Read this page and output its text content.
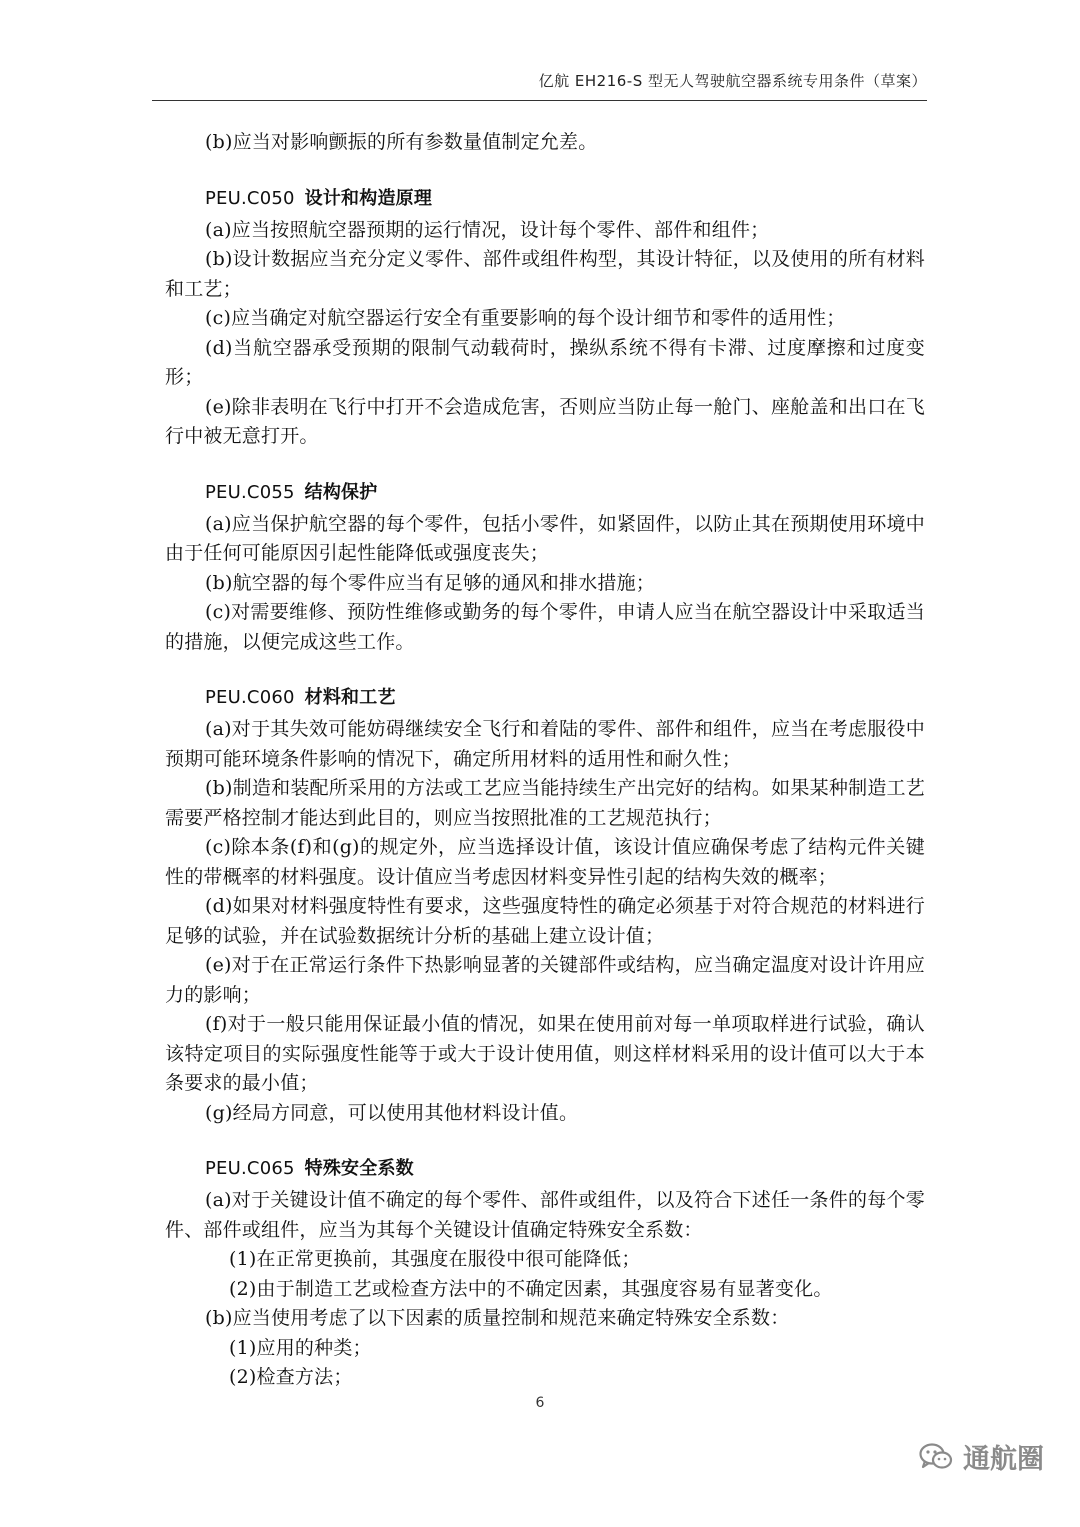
亿航 EH216-S 型无人驾驶航空器系统专用条件（草案）

(b)应当对影响颤振的所有参数量值制定允差。

PEU.C050 设计和构造原理

(a)应当按照航空器预期的运行情况，设计每个零件、部件和组件；

(b)设计数据应当充分定义零件、部件或组件构型，其设计特征，以及使用的所有材料和工艺；

(c)应当确定对航空器运行安全有重要影响的每个设计细节和零件的适用性；

(d)当航空器承受预期的限制气动载荷时，操纵系统不得有卡滞、过度摩擦和过度变形；

(e)除非表明在飞行中打开不会造成危害，否则应当防止每一舱门、座舱盖和出口在飞行中被无意打开。

PEU.C055 结构保护

(a)应当保护航空器的每个零件，包括小零件，如紧固件，以防止其在预期使用环境中由于任何可能原因引起性能降低或强度丧失；

(b)航空器的每个零件应当有足够的通风和排水措施；

(c)对需要维修、预防性维修或勤务的每个零件，申请人应当在航空器设计中采取适当的措施，以便完成这些工作。

PEU.C060 材料和工艺

(a)对于其失效可能妨碍继续安全飞行和着陆的零件、部件和组件，应当在考虑服役中预期可能环境条件影响的情况下，确定所用材料的适用性和耐久性；

(b)制造和装配所采用的方法或工艺应当能持续生产出完好的结构。如果某种制造工艺需要严格控制才能达到此目的，则应当按照批准的工艺规范执行；

(c)除本条(f)和(g)的规定外，应当选择设计值，该设计值应确保考虑了结构元件关键性的带概率的材料强度。设计值应当考虑因材料变异性引起的结构失效的概率；

(d)如果对材料强度特性有要求，这些强度特性的确定必须基于对符合规范的材料进行足够的试验，并在试验数据统计分析的基础上建立设计值；

(e)对于在正常运行条件下热影响显著的关键部件或结构，应当确定温度对设计许用应力的影响；

(f)对于一般只能用保证最小值的情况，如果在使用前对每一单项取样进行试验，确认该特定项目的实际强度性能等于或大于设计使用值，则这样材料采用的设计值可以大于本条要求的最小值；

(g)经局方同意，可以使用其他材料设计值。

PEU.C065 特殊安全系数

(a)对于关键设计值不确定的每个零件、部件或组件，以及符合下述任一条件的每个零件、部件或组件，应当为其每个关键设计值确定特殊安全系数：

(1)在正常更换前，其强度在服役中很可能降低；

(2)由于制造工艺或检查方法中的不确定因素，其强度容易有显著变化。

(b)应当使用考虑了以下因素的质量控制和规范来确定特殊安全系数：

(1)应用的种类；

(2)检查方法；

6
通航圈
